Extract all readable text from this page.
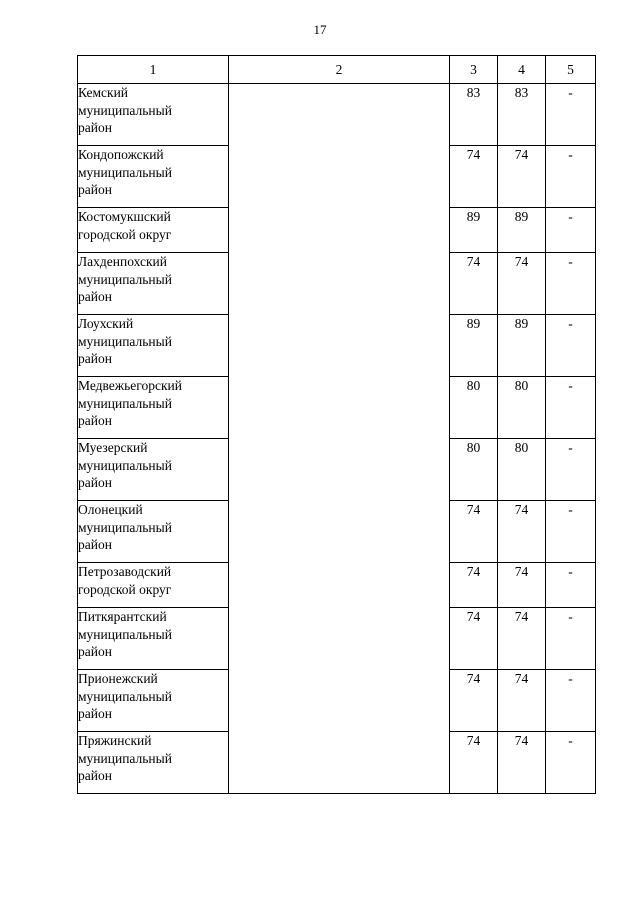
17
1	2	3	4	5

Кемский
муниципальный
район		83	83	-

Кондопожский
муниципальный
район		74	74	-

Костомукшский
городской округ		89	89	-

Лахденпохский
муниципальный
район		74	74	-

Лоухский
муниципальный
район		89	89	-

Медвежьегорский
муниципальный
район		80	80	-

Муезерский
муниципальный
район		80	80	-

Олонецкий
муниципальный
район		74	74	-

Петрозаводский
городской округ		74	74	-

Питкярантский
муниципальный
район		74	74	-

Прионежский
муниципальный
район		74	74	-

Пряжинский
муниципальный
район		74	74	-
